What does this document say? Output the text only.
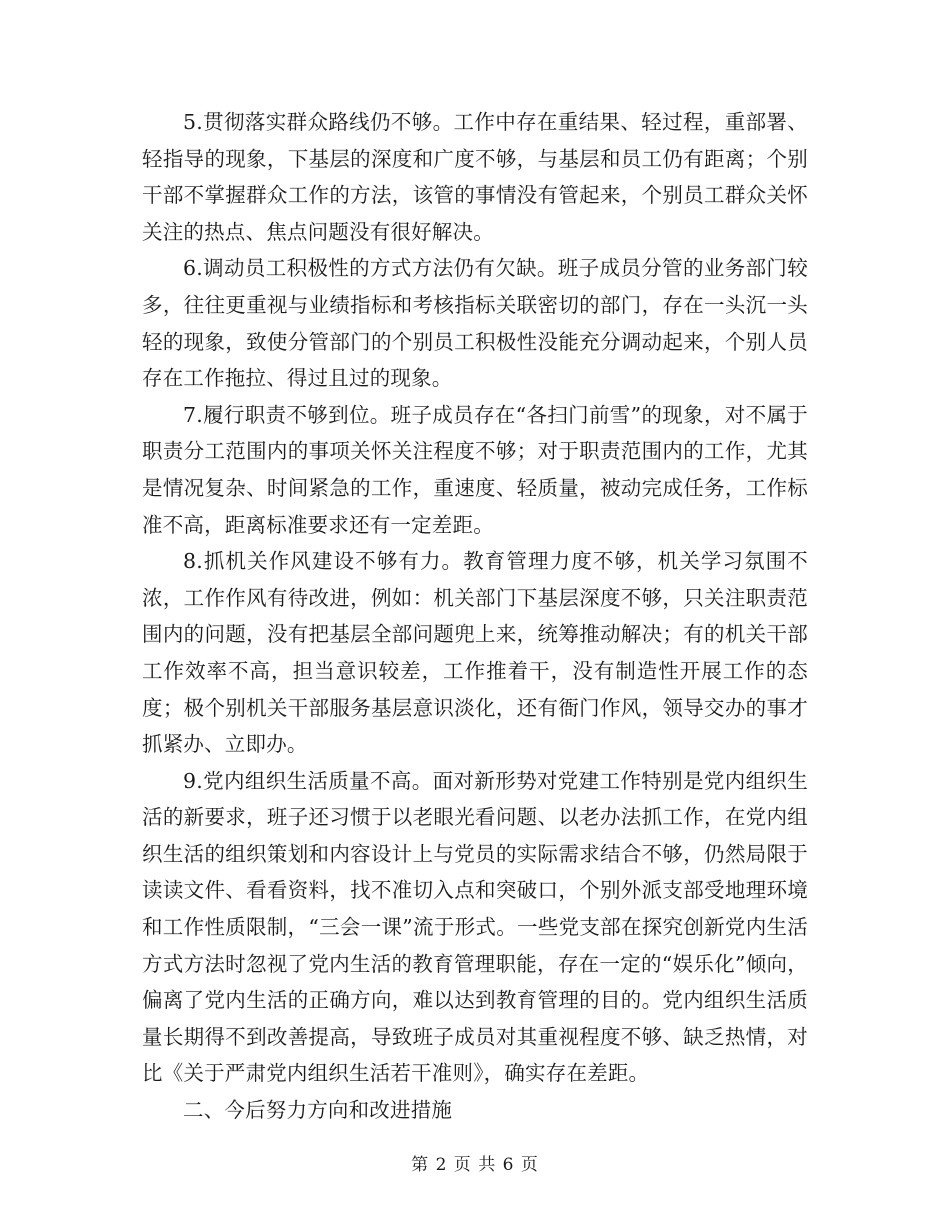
5.贯彻落实群众路线仍不够。工作中存在重结果、轻过程，重部署、轻指导的现象，下基层的深度和广度不够，与基层和员工仍有距离；个别干部不掌握群众工作的方法，该管的事情没有管起来，个别员工群众关怀关注的热点、焦点问题没有很好解决。

6.调动员工积极性的方式方法仍有欠缺。班子成员分管的业务部门较多，往往更重视与业绩指标和考核指标关联密切的部门，存在一头沉一头轻的现象，致使分管部门的个别员工积极性没能充分调动起来，个别人员存在工作拖拉、得过且过的现象。

7.履行职责不够到位。班子成员存在“各扫门前雪”的现象，对不属于职责分工范围内的事项关怀关注程度不够；对于职责范围内的工作，尤其是情况复杂、时间紧急的工作，重速度、轻质量，被动完成任务，工作标准不高，距离标准要求还有一定差距。

8.抓机关作风建设不够有力。教育管理力度不够，机关学习氛围不浓，工作作风有待改进，例如：机关部门下基层深度不够，只关注职责范围内的问题，没有把基层全部问题兜上来，统筹推动解决；有的机关干部工作效率不高，担当意识较差，工作推着干，没有制造性开展工作的态度；极个别机关干部服务基层意识淡化，还有衙门作风，领导交办的事才抓紧办、立即办。

9.党内组织生活质量不高。面对新形势对党建工作特别是党内组织生活的新要求，班子还习惯于以老眼光看问题、以老办法抓工作，在党内组织生活的组织策划和内容设计上与党员的实际需求结合不够，仍然局限于读读文件、看看资料，找不准切入点和突破口，个别外派支部受地理环境和工作性质限制，“三会一课”流于形式。一些党支部在探究创新党内生活方式方法时忽视了党内生活的教育管理职能，存在一定的“娱乐化”倾向，偏离了党内生活的正确方向，难以达到教育管理的目的。党内组织生活质量长期得不到改善提高，导致班子成员对其重视程度不够、缺乏热情，对比《关于严肃党内组织生活若干准则》，确实存在差距。

二、今后努力方向和改进措施

第 2 页 共 6 页
